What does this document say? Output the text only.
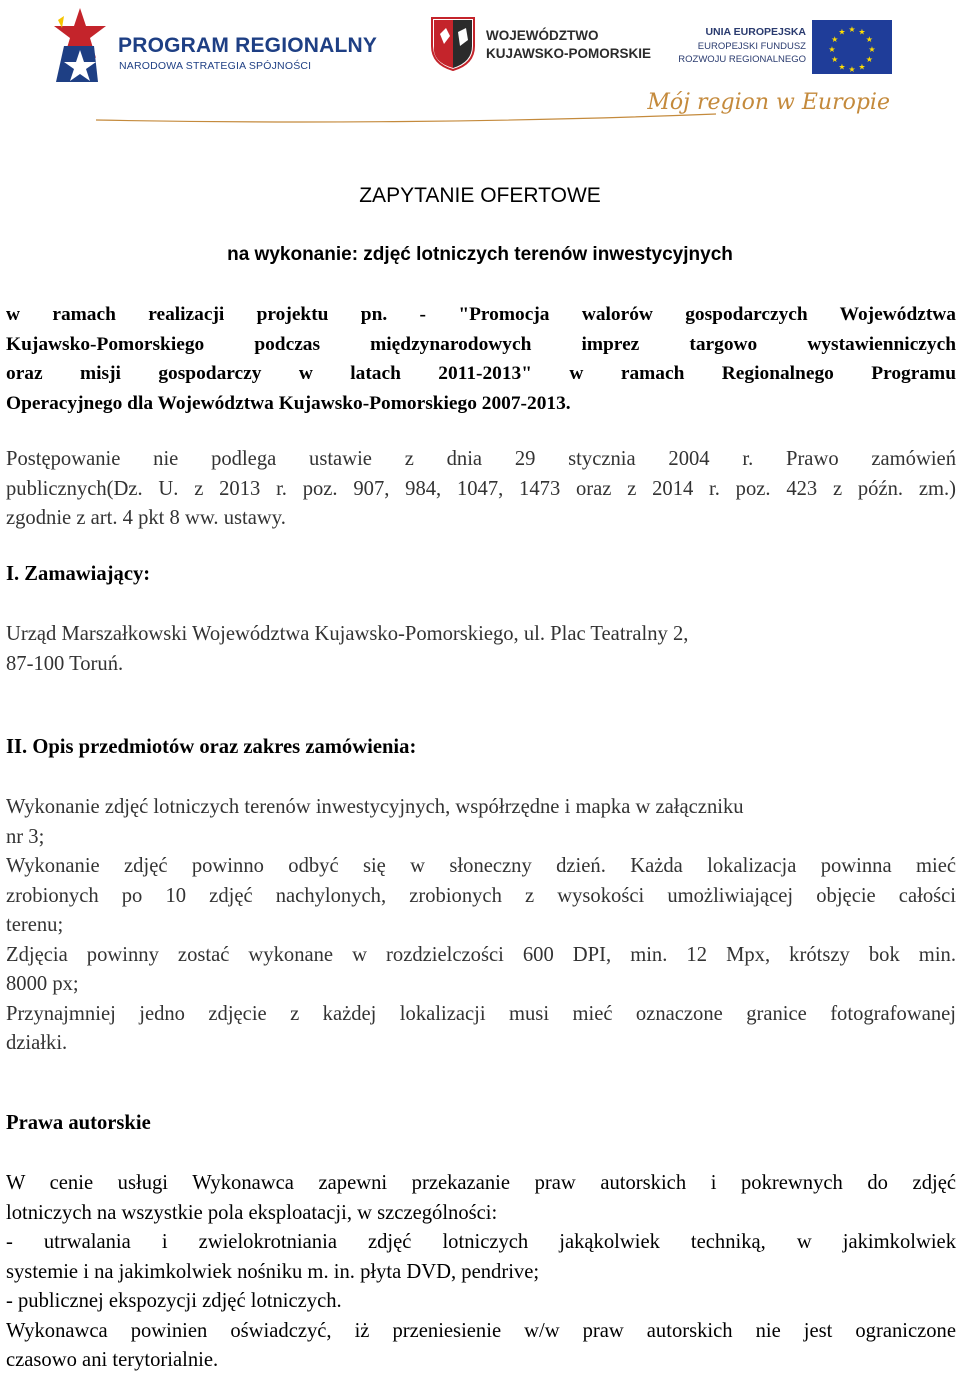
PROGRAM REGIONALNY
NARODOWA STRATEGIA SPÓJNOŚCI
WOJEWÓDZTWO
KUJAWSKO-POMORSKIE
UNIA EUROPEJSKA
EUROPEJSKI FUNDUSZ
ROZWOJU REGIONALNEGO
★ ★
★
★
★
★
★
★
★
★
★
★
Mój region w Europie
ZAPYTANIE OFERTOWE
na wykonanie: zdjęć lotniczych terenów inwestycyjnych
w ramach realizacji projektu pn. - "Promocja walorów gospodarczych Województwa
Kujawsko-Pomorskiego podczas międzynarodowych imprez targowo wystawienniczych
oraz misji gospodarczy w latach 2011-2013" w ramach Regionalnego Programu
Operacyjnego dla Województwa Kujawsko-Pomorskiego 2007-2013.
Postępowanie nie podlega ustawie z dnia 29 stycznia 2004 r. Prawo zamówień
publicznych(Dz. U. z 2013 r. poz. 907, 984, 1047, 1473 oraz z 2014 r. poz. 423 z późn. zm.)
zgodnie z art. 4 pkt 8 ww. ustawy.
I. Zamawiający:
Urząd Marszałkowski Województwa Kujawsko-Pomorskiego, ul. Plac Teatralny 2,
87-100 Toruń.
II. Opis przedmiotów oraz zakres zamówienia:
Wykonanie zdjęć lotniczych terenów inwestycyjnych, współrzędne i mapka w załączniku
nr 3;
Wykonanie zdjęć powinno odbyć się w słoneczny dzień. Każda lokalizacja powinna mieć
zrobionych po 10 zdjęć nachylonych, zrobionych z wysokości umożliwiającej objęcie całości
terenu;
Zdjęcia powinny zostać wykonane w rozdzielczości 600 DPI, min. 12 Mpx, krótszy bok min.
8000 px;
Przynajmniej jedno zdjęcie z każdej lokalizacji musi mieć oznaczone granice fotografowanej
działki.
Prawa autorskie
W cenie usługi Wykonawca zapewni przekazanie praw autorskich i pokrewnych do zdjęć
lotniczych na wszystkie pola eksploatacji, w szczególności:
- utrwalania i zwielokrotniania zdjęć lotniczych jakąkolwiek techniką, w jakimkolwiek
systemie i na jakimkolwiek nośniku m. in. płyta DVD, pendrive;
- publicznej ekspozycji zdjęć lotniczych.
Wykonawca powinien oświadczyć, iż przeniesienie w/w praw autorskich nie jest ograniczone
czasowo ani terytorialnie.
